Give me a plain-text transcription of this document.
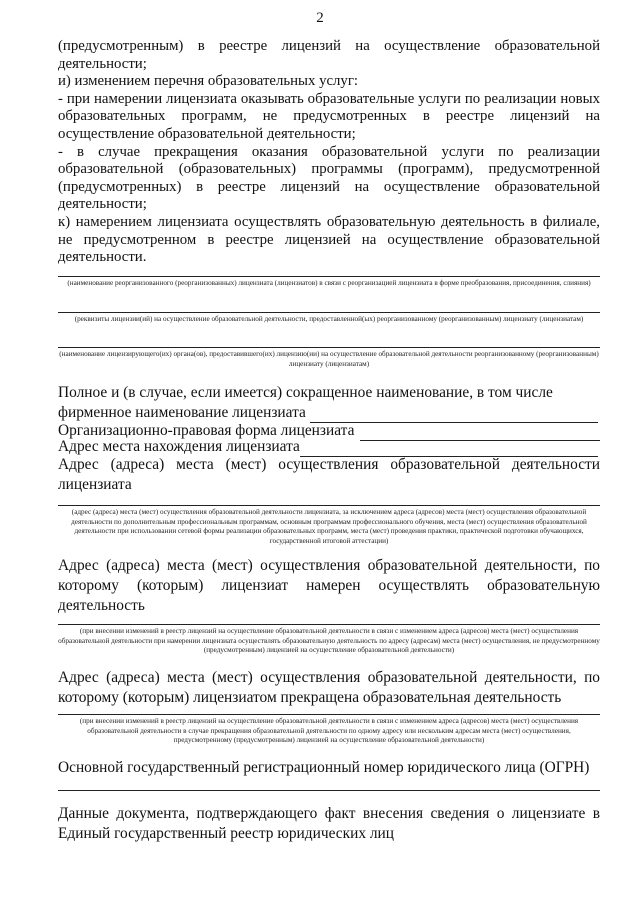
2
(предусмотренным) в реестре лицензий на осуществление образовательной деятельности;
и) изменением перечня образовательных услуг:
- при намерении лицензиата оказывать образовательные услуги по реализации новых образовательных программ, не предусмотренных в реестре лицензий на осуществление образовательной деятельности;
- в случае прекращения оказания образовательной услуги по реализации образовательной (образовательных) программы (программ), предусмотренной (предусмотренных) в реестре лицензий на осуществление образовательной деятельности;
к) намерением лицензиата осуществлять образовательную деятельность в филиале, не предусмотренном в реестре лицензией на осуществление образовательной деятельности.
(наименование реорганизованного (реорганизованных) лицензиата (лицензиатов) в связи с реорганизацией лицензиата в форме преобразования, присоединения, слияния)
(реквизиты лицензии(ий) на осуществление образовательной деятельности, предоставленной(ых) реорганизованному (реорганизованным) лицензиату (лицензиатам)
(наименование лицензирующего(их) органа(ов), предоставившего(их) лицензию(ии) на осуществление образовательной деятельности реорганизованному (реорганизованным) лицензиату (лицензиатам)
Полное и (в случае, если имеется) сокращенное наименование, в том числе
фирменное наименование лицензиата
Организационно-правовая форма лицензиата
Адрес места нахождения лицензиата
Адрес (адреса) места (мест) осуществления образовательной деятельности лицензиата
(адрес (адреса) места (мест) осуществления образовательной деятельности лицензиата, за исключением адреса (адресов) места (мест) осуществления образовательной деятельности по дополнительным профессиональным программам, основным программам профессионального обучения, места (мест) осуществления образовательной деятельности при использовании сетевой формы реализации образовательных программ, места (мест) проведения практики, практической подготовки обучающихся, государственной итоговой аттестации)
Адрес (адреса) места (мест) осуществления образовательной деятельности, по которому (которым) лицензиат намерен осуществлять образовательную деятельность
(при внесении изменений в реестр лицензий на осуществление образовательной деятельности в связи с изменением адреса (адресов) места (мест) осуществления образовательной деятельности при намерении лицензиата осуществлять образовательную деятельность по адресу (адресам) места (мест) осуществления, не предусмотренному (предусмотренным) лицензией на осуществление образовательной деятельности)
Адрес (адреса) места (мест) осуществления образовательной деятельности, по которому (которым) лицензиатом прекращена образовательная деятельность
(при внесении изменений в реестр лицензий на осуществление образовательной деятельности в связи с изменением адреса (адресов) места (мест) осуществления образовательной деятельности в случае прекращения образовательной деятельности по одному адресу или нескольким адресам места (мест) осуществления, предусмотренному (предусмотренным) лицензией на осуществление образовательной деятельности)
Основной государственный регистрационный номер юридического лица (ОГРН)
Данные документа, подтверждающего факт внесения сведения о лицензиате в Единый государственный реестр юридических лиц
